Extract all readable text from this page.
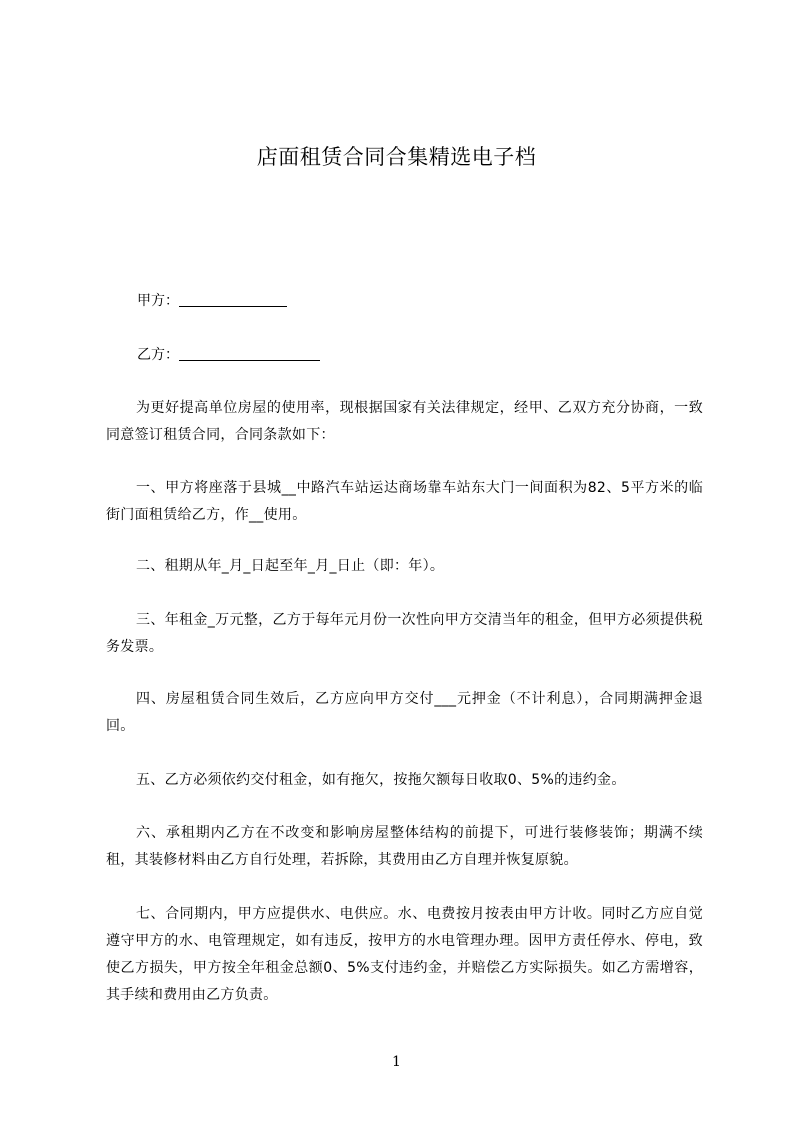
店面租赁合同合集精选电子档
甲方：
乙方：

为更好提高单位房屋的使用率，现根据国家有关法律规定，经甲、乙双方充分协商，一致同意签订租赁合同，合同条款如下：

一、甲方将座落于县城__中路汽车站运达商场靠车站东大门一间面积为82、5平方米的临街门面租赁给乙方，作__使用。

二、租期从年_月_日起至年_月_日止（即：年）。

三、年租金_万元整，乙方于每年元月份一次性向甲方交清当年的租金，但甲方必须提供税务发票。

四、房屋租赁合同生效后，乙方应向甲方交付___元押金（不计利息），合同期满押金退回。

五、乙方必须依约交付租金，如有拖欠，按拖欠额每日收取0、5%的违约金。

六、承租期内乙方在不改变和影响房屋整体结构的前提下，可进行装修装饰；期满不续租，其装修材料由乙方自行处理，若拆除，其费用由乙方自理并恢复原貌。

七、合同期内，甲方应提供水、电供应。水、电费按月按表由甲方计收。同时乙方应自觉遵守甲方的水、电管理规定，如有违反，按甲方的水电管理办理。因甲方责任停水、停电，致使乙方损失，甲方按全年租金总额0、5%支付违约金，并赔偿乙方实际损失。如乙方需增容，其手续和费用由乙方负责。

1
